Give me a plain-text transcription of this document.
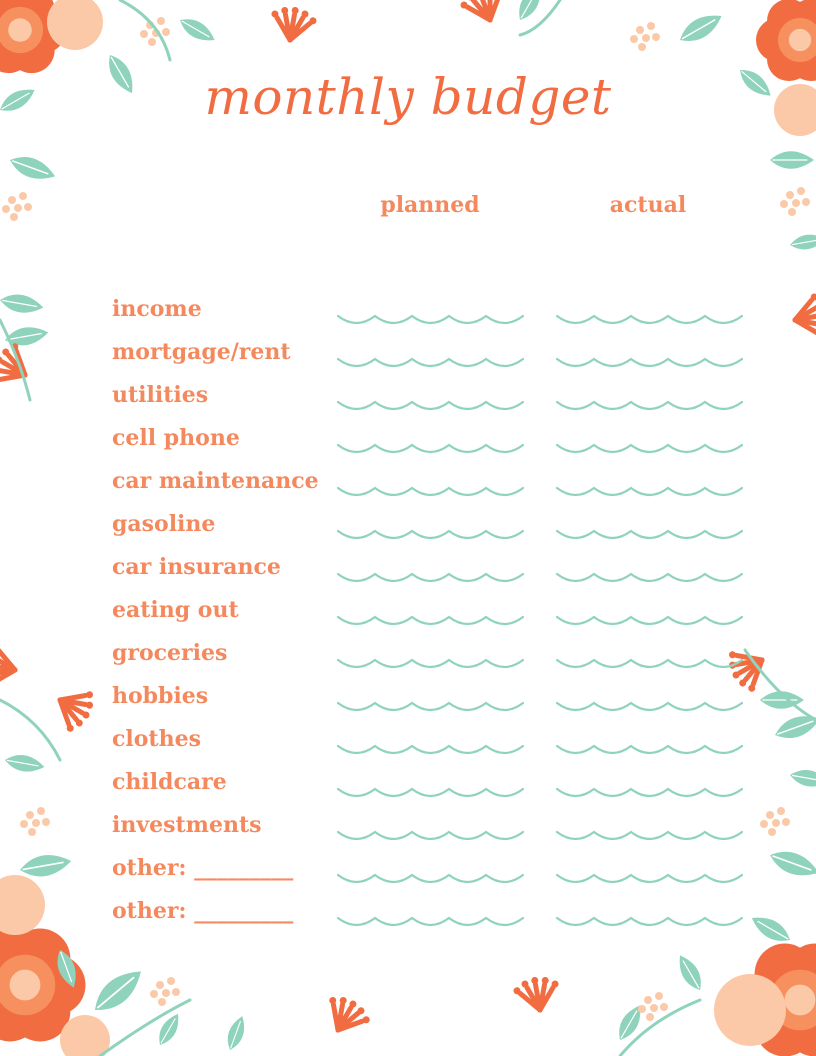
monthly budget
planned	actual
income
mortgage/rent
utilities
cell phone
car maintenance
gasoline
car insurance
eating out
groceries
hobbies
clothes
childcare
investments
other: _________
other: _________
